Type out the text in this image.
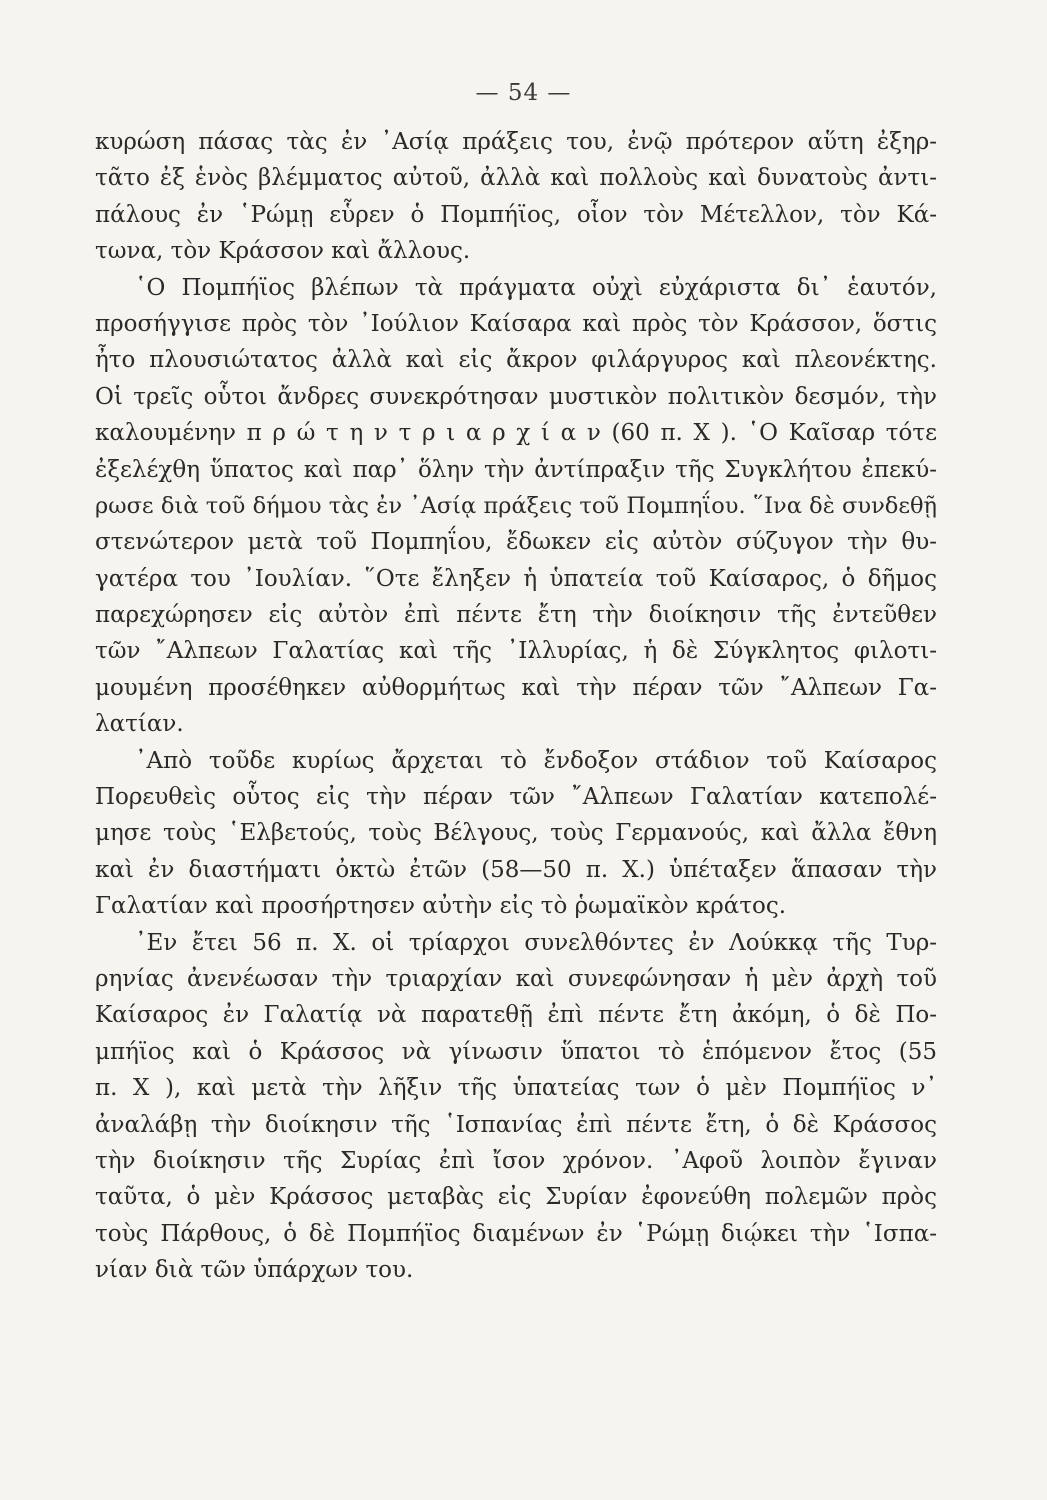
— 54 —
κυρώση πάσας τὰς ἐν ᾽Ασίᾳ πράξεις του, ἐνῷ πρότερον αὕτη ἐξηρ-
τᾶτο ἐξ ἑνὸς βλέμματος αὐτοῦ, ἀλλὰ καὶ πολλοὺς καὶ δυνατοὺς ἀντι-
πάλους ἐν ῾Ρώμῃ εὗρεν ὁ Πομπήϊος, οἷον τὸν Μέτελλον, τὸν Κά-
τωνα, τὸν Κράσσον καὶ ἄλλους.
῾Ο Πομπήϊος βλέπων τὰ πράγματα οὐχὶ εὐχάριστα δι᾽ ἑαυτόν,
προσήγγισε πρὸς τὸν ᾽Ιούλιον Καίσαρα καὶ πρὸς τὸν Κράσσον, ὅστις
ἦτο πλουσιώτατος ἀλλὰ καὶ εἰς ἄκρον φιλάργυρος καὶ πλεονέκτης.
Οἱ τρεῖς οὗτοι ἄνδρες συνεκρότησαν μυστικὸν πολιτικὸν δεσμόν, τὴν
καλουμένην π ρ ώ τ η ν τ ρ ι α ρ χ ί α ν (60 π. Χ ). ῾Ο Καῖσαρ τότε
ἐξελέχθη ὕπατος καὶ παρ᾽ ὅλην τὴν ἀντίπραξιν τῆς Συγκλήτου ἐπεκύ-
ρωσε διὰ τοῦ δήμου τὰς ἐν ᾽Ασίᾳ πράξεις τοῦ Πομπηΐου. ῞Ινα δὲ συνδεθῇ
στενώτερον μετὰ τοῦ Πομπηΐου, ἔδωκεν εἰς αὐτὸν σύζυγον τὴν θυ-
γατέρα του ᾽Ιουλίαν. ῞Οτε ἔληξεν ἡ ὑπατεία τοῦ Καίσαρος, ὁ δῆμος
παρεχώρησεν εἰς αὐτὸν ἐπὶ πέντε ἔτη τὴν διοίκησιν τῆς ἐντεῦθεν
τῶν ῎Αλπεων Γαλατίας καὶ τῆς ᾽Ιλλυρίας, ἡ δὲ Σύγκλητος φιλοτι-
μουμένη προσέθηκεν αὐθορμήτως καὶ τὴν πέραν τῶν ῎Αλπεων Γα-
λατίαν.
᾽Απὸ τοῦδε κυρίως ἄρχεται τὸ ἔνδοξον στάδιον τοῦ Καίσαρος
Πορευθεὶς οὗτος εἰς τὴν πέραν τῶν ῎Αλπεων Γαλατίαν κατεπολέ-
μησε τοὺς ῾Ελβετούς, τοὺς Βέλγους, τοὺς Γερμανούς, καὶ ἄλλα ἔθνη
καὶ ἐν διαστήματι ὀκτὼ ἐτῶν (58—50 π. Χ.) ὑπέταξεν ἅπασαν τὴν
Γαλατίαν καὶ προσήρτησεν αὐτὴν εἰς τὸ ῥωμαϊκὸν κράτος.
᾽Εν ἔτει 56 π. Χ. οἱ τρίαρχοι συνελθόντες ἐν Λούκκᾳ τῆς Τυρ-
ρηνίας ἀνενέωσαν τὴν τριαρχίαν καὶ συνεφώνησαν ἡ μὲν ἀρχὴ τοῦ
Καίσαρος ἐν Γαλατίᾳ νὰ παρατεθῇ ἐπὶ πέντε ἔτη ἀκόμη, ὁ δὲ Πο-
μπήϊος καὶ ὁ Κράσσος νὰ γίνωσιν ὕπατοι τὸ ἑπόμενον ἔτος (55
π. Χ ), καὶ μετὰ τὴν λῆξιν τῆς ὑπατείας των ὁ μὲν Πομπήϊος ν᾽
ἀναλάβῃ τὴν διοίκησιν τῆς ῾Ισπανίας ἐπὶ πέντε ἔτη, ὁ δὲ Κράσσος
τὴν διοίκησιν τῆς Συρίας ἐπὶ ἴσον χρόνον. ᾽Αφοῦ λοιπὸν ἔγιναν
ταῦτα, ὁ μὲν Κράσσος μεταβὰς εἰς Συρίαν ἐφονεύθη πολεμῶν πρὸς
τοὺς Πάρθους, ὁ δὲ Πομπήϊος διαμένων ἐν ῾Ρώμῃ διῴκει τὴν ῾Ισπα-
νίαν διὰ τῶν ὑπάρχων του.
